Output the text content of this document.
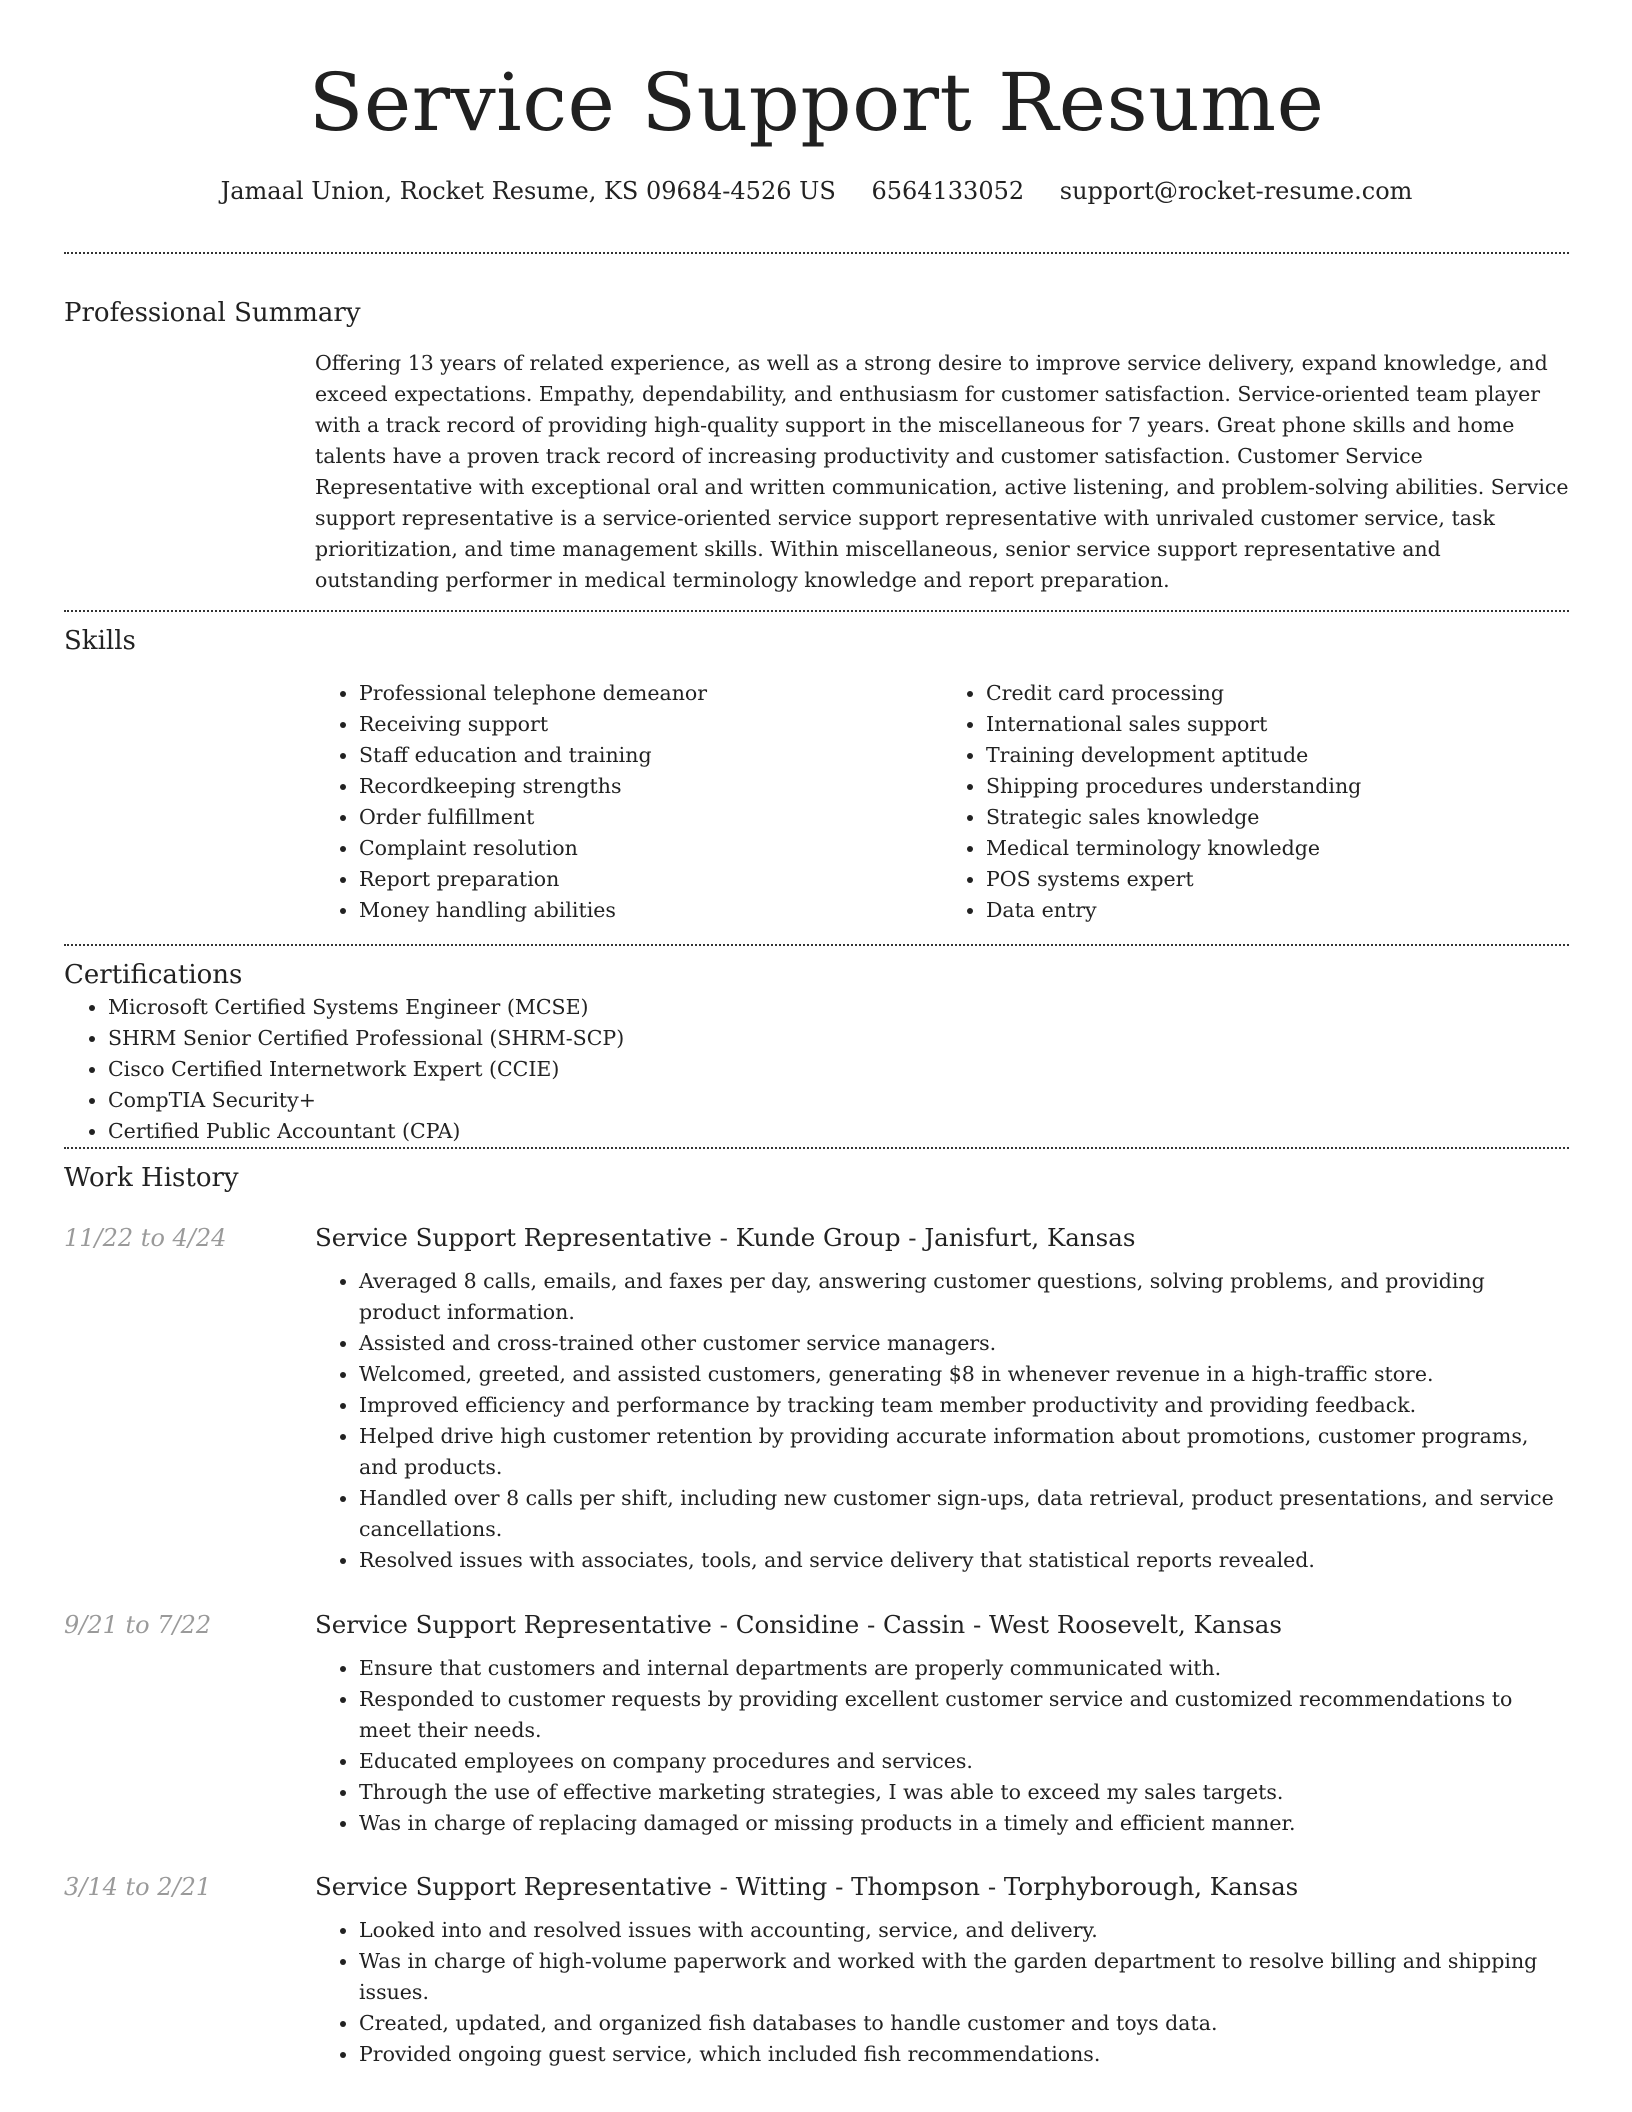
Service Support Resume
Jamaal Union, Rocket Resume, KS 09684-4526 US 6564133052 support@rocket-resume.com
Professional Summary

Offering 13 years of related experience, as well as a strong desire to improve service delivery, expand knowledge, and exceed expectations. Empathy, dependability, and enthusiasm for customer satisfaction. Service-oriented team player with a track record of providing high-quality support in the miscellaneous for 7 years. Great phone skills and home talents have a proven track record of increasing productivity and customer satisfaction. Customer Service Representative with exceptional oral and written communication, active listening, and problem-solving abilities. Service support representative is a service-oriented service support representative with unrivaled customer service, task prioritization, and time management skills. Within miscellaneous, senior service support representative and outstanding performer in medical terminology knowledge and report preparation.

Skills
• Professional telephone demeanor
• Receiving support
• Staff education and training
• Recordkeeping strengths
• Order fulfillment
• Complaint resolution
• Report preparation
• Money handling abilities
• Credit card processing
• International sales support
• Training development aptitude
• Shipping procedures understanding
• Strategic sales knowledge
• Medical terminology knowledge
• POS systems expert
• Data entry
Certifications
• Microsoft Certified Systems Engineer (MCSE)
• SHRM Senior Certified Professional (SHRM-SCP)
• Cisco Certified Internetwork Expert (CCIE)
• CompTIA Security+
• Certified Public Accountant (CPA)
Work History
11/22 to 4/24	Service Support Representative - Kunde Group - Janisfurt, Kansas
• Averaged 8 calls, emails, and faxes per day, answering customer questions, solving problems, and providing product information.
• Assisted and cross-trained other customer service managers.
• Welcomed, greeted, and assisted customers, generating $8 in whenever revenue in a high-traffic store.
• Improved efficiency and performance by tracking team member productivity and providing feedback.
• Helped drive high customer retention by providing accurate information about promotions, customer programs, and products.
• Handled over 8 calls per shift, including new customer sign-ups, data retrieval, product presentations, and service cancellations.
• Resolved issues with associates, tools, and service delivery that statistical reports revealed.
9/21 to 7/22	Service Support Representative - Considine - Cassin - West Roosevelt, Kansas
• Ensure that customers and internal departments are properly communicated with.
• Responded to customer requests by providing excellent customer service and customized recommendations to meet their needs.
• Educated employees on company procedures and services.
• Through the use of effective marketing strategies, I was able to exceed my sales targets.
• Was in charge of replacing damaged or missing products in a timely and efficient manner.
3/14 to 2/21	Service Support Representative - Witting - Thompson - Torphyborough, Kansas
• Looked into and resolved issues with accounting, service, and delivery.
• Was in charge of high-volume paperwork and worked with the garden department to resolve billing and shipping issues.
• Created, updated, and organized fish databases to handle customer and toys data.
• Provided ongoing guest service, which included fish recommendations.
